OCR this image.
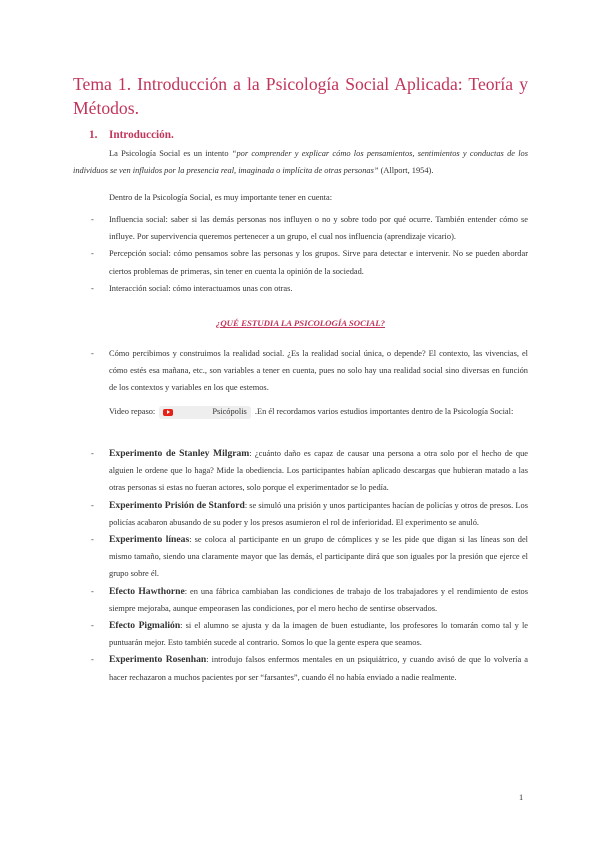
Tema 1. Introducción a la Psicología Social Aplicada: Teoría y Métodos.
1. Introducción.

La Psicología Social es un intento “por comprender y explicar cómo los pensamientos, sentimientos y conductas de los individuos se ven influidos por la presencia real, imaginada o implícita de otras personas” (Allport, 1954).

Dentro de la Psicología Social, es muy importante tener en cuenta:

- Influencia social: saber si las demás personas nos influyen o no y sobre todo por qué ocurre. También entender cómo se influye. Por supervivencia queremos pertenecer a un grupo, el cual nos influencia (aprendizaje vicario).
- Percepción social: cómo pensamos sobre las personas y los grupos. Sirve para detectar e intervenir. No se pueden abordar ciertos problemas de primeras, sin tener en cuenta la opinión de la sociedad.
- Interacción social: cómo interactuamos unas con otras.
¿QUÉ ESTUDIA LA PSICOLOGÍA SOCIAL?
- Cómo percibimos y construimos la realidad social. ¿Es la realidad social única, o depende? El contexto, las vivencias, el cómo estés esa mañana, etc., son variables a tener en cuenta, pues no solo hay una realidad social sino diversas en función de los contextos y variables en los que estemos.

Video repaso:	Psicópolis .En él recordamos varios estudios importantes dentro de la Psicología Social:

- Experimento de Stanley Milgram: ¿cuánto daño es capaz de causar una persona a otra solo por el hecho de que alguien le ordene que lo haga? Mide la obediencia. Los participantes habían aplicado descargas que hubieran matado a las otras personas si estas no fueran actores, solo porque el experimentador se lo pedía.
- Experimento Prisión de Stanford: se simuló una prisión y unos participantes hacían de policías y otros de presos. Los policías acabaron abusando de su poder y los presos asumieron el rol de inferioridad. El experimento se anuló.
- Experimento líneas: se coloca al participante en un grupo de cómplices y se les pide que digan si las líneas son del mismo tamaño, siendo una claramente mayor que las demás, el participante dirá que son iguales por la presión que ejerce el grupo sobre él.
- Efecto Hawthorne: en una fábrica cambiaban las condiciones de trabajo de los trabajadores y el rendimiento de estos siempre mejoraba, aunque empeorasen las condiciones, por el mero hecho de sentirse observados.
- Efecto Pigmalión: si el alumno se ajusta y da la imagen de buen estudiante, los profesores lo tomarán como tal y le puntuarán mejor. Esto también sucede al contrario. Somos lo que la gente espera que seamos.
- Experimento Rosenhan: introdujo falsos enfermos mentales en un psiquiátrico, y cuando avisó de que lo volvería a hacer rechazaron a muchos pacientes por ser “farsantes”, cuando él no había enviado a nadie realmente.
1
